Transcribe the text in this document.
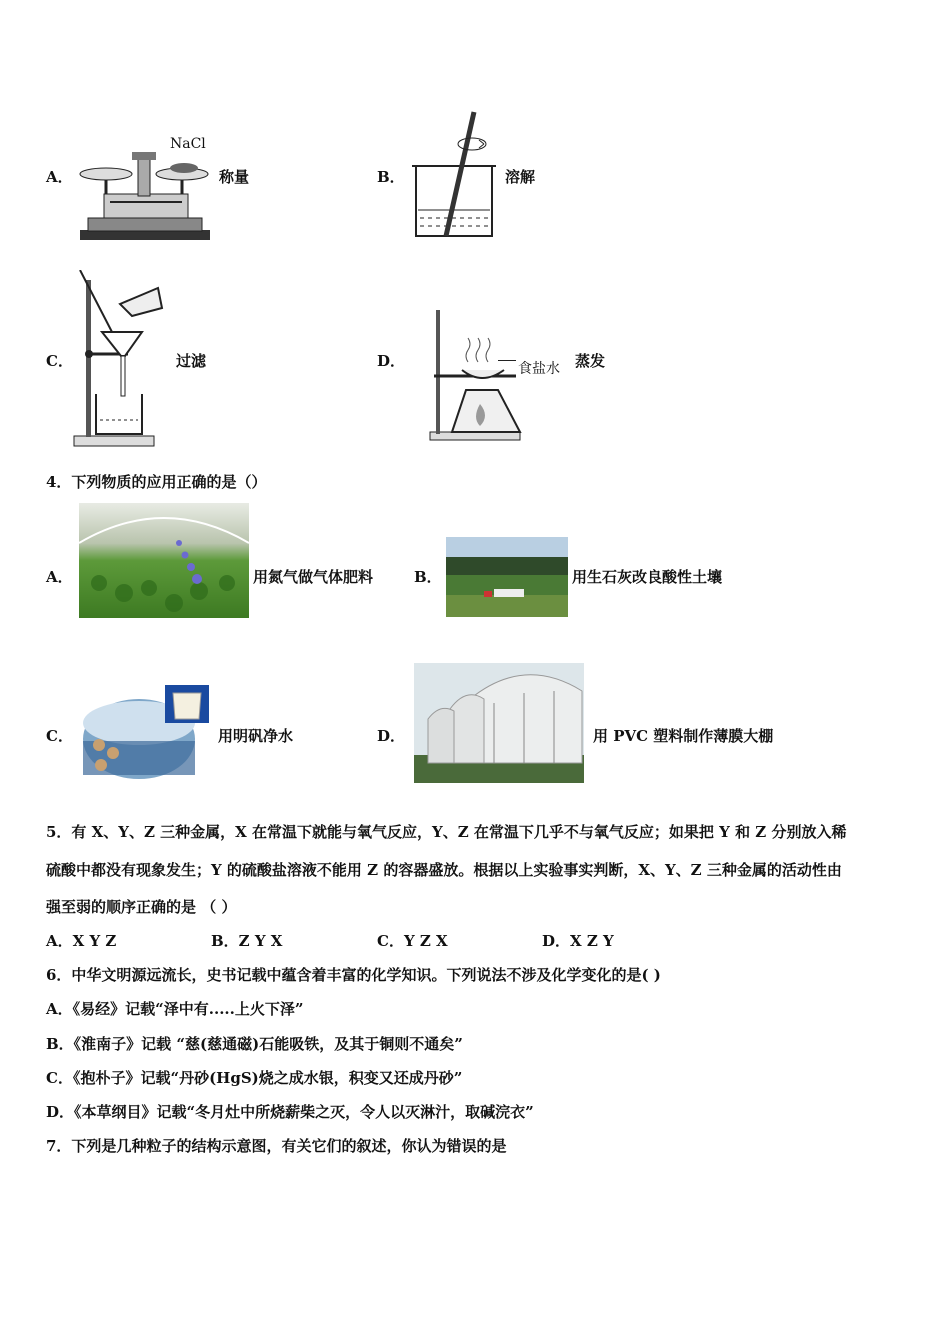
A．
NaCl
称量	B．	溶解
C．	过滤	D．	食盐水 蒸发
4．下列物质的应用正确的是（）
A．	用氮气做气体肥料	B．	用生石灰改良酸性土壤
C．	用明矾净水	D．	用 PVC 塑料制作薄膜大棚
5．有 X、Y、Z 三种金属，X 在常温下就能与氧气反应，Y、Z 在常温下几乎不与氧气反应；如果把 Y 和 Z 分别放入稀
硫酸中都没有现象发生；Y 的硫酸盐溶液不能用 Z 的容器盛放。根据以上实验事实判断，X、Y、Z 三种金属的活动性由
强至弱的顺序正确的是 （ ）
A．X Y Z	B．Z Y X	C．Y Z X	D．X Z Y
6．中华文明源远流长，史书记载中蕴含着丰富的化学知识。下列说法不涉及化学变化的是( )
A．《易经》记载“泽中有.....上火下泽”
B．《淮南子》记载 “慈(慈通磁)石能吸铁，及其于铜则不通矣”
C．《抱朴子》记载“丹砂(HgS)烧之成水银，积变又还成丹砂”
D．《本草纲目》记载“冬月灶中所烧薪柴之灭，令人以灭淋汁，取碱浣衣”
7．下列是几种粒子的结构示意图，有关它们的叙述，你认为错误的是
